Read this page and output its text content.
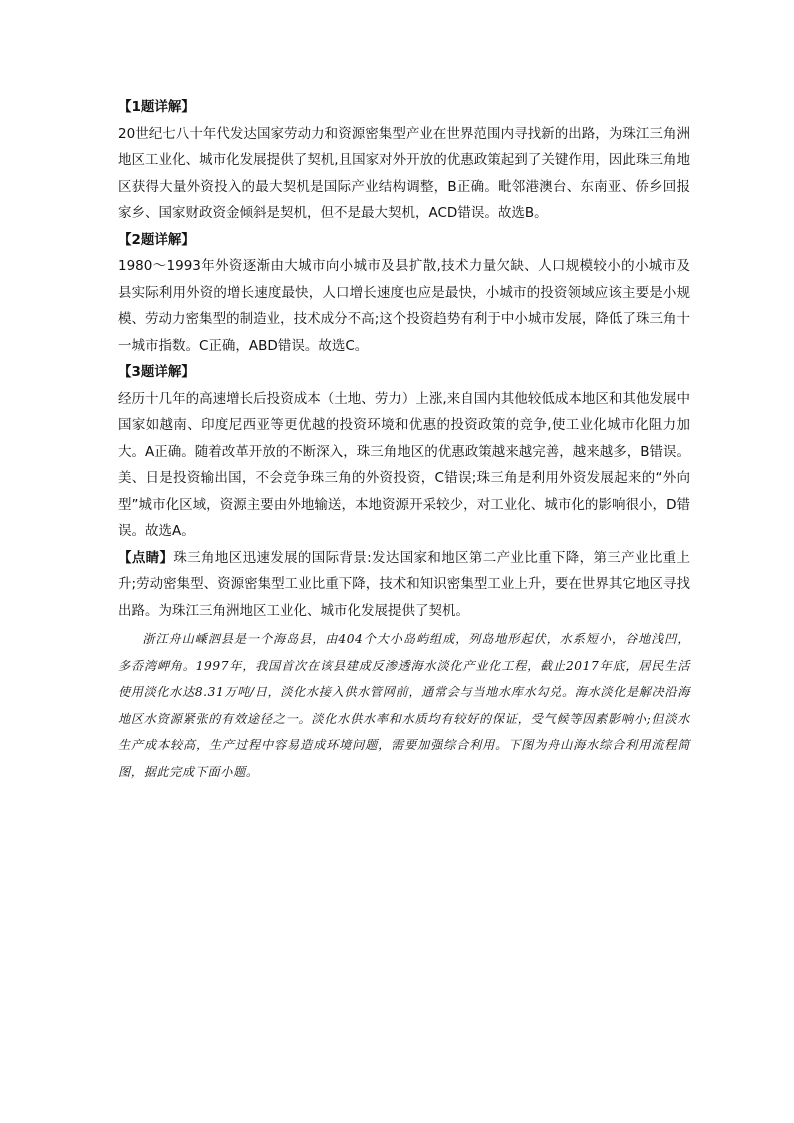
【1题详解】

20世纪七八十年代发达国家劳动力和资源密集型产业在世界范围内寻找新的出路，为珠江三角洲地区工业化、城市化发展提供了契机,且国家对外开放的优惠政策起到了关键作用，因此珠三角地区获得大量外资投入的最大契机是国际产业结构调整，B正确。毗邻港澳台、东南亚、侨乡回报家乡、国家财政资金倾斜是契机，但不是最大契机，ACD错误。故选B。

【2题详解】

1980～1993年外资逐渐由大城市向小城市及县扩散,技术力量欠缺、人口规模较小的小城市及县实际利用外资的增长速度最快，人口增长速度也应是最快，小城市的投资领域应该主要是小规模、劳动力密集型的制造业，技术成分不高;这个投资趋势有利于中小城市发展，降低了珠三角十一城市指数。C正确，ABD错误。故选C。

【3题详解】

经历十几年的高速增长后投资成本（土地、劳力）上涨,来自国内其他较低成本地区和其他发展中国家如越南、印度尼西亚等更优越的投资环境和优惠的投资政策的竞争,使工业化城市化阻力加大。A正确。随着改革开放的不断深入，珠三角地区的优惠政策越来越完善，越来越多，B错误。美、日是投资输出国，不会竞争珠三角的外资投资，C错误;珠三角是利用外资发展起来的“外向型”城市化区域，资源主要由外地输送，本地资源开采较少，对工业化、城市化的影响很小，D错误。故选A。

【点睛】珠三角地区迅速发展的国际背景:发达国家和地区第二产业比重下降，第三产业比重上升;劳动密集型、资源密集型工业比重下降，技术和知识密集型工业上升，要在世界其它地区寻找出路。为珠江三角洲地区工业化、城市化发展提供了契机。

浙江舟山嵊泗县是一个海岛县，由404个大小岛屿组成，列岛地形起伏，水系短小，谷地浅凹，多岙湾岬角。1997年，我国首次在该县建成反渗透海水淡化产业化工程，截止2017年底，居民生活使用淡化水达8.31万吨/日，淡化水接入供水管网前，通常会与当地水库水勾兑。海水淡化是解决沿海地区水资源紧张的有效途径之一。淡化水供水率和水质均有较好的保证，受气候等因素影响小;但淡水生产成本较高，生产过程中容易造成环境问题，需要加强综合利用。下图为舟山海水综合利用流程简图，据此完成下面小题。
